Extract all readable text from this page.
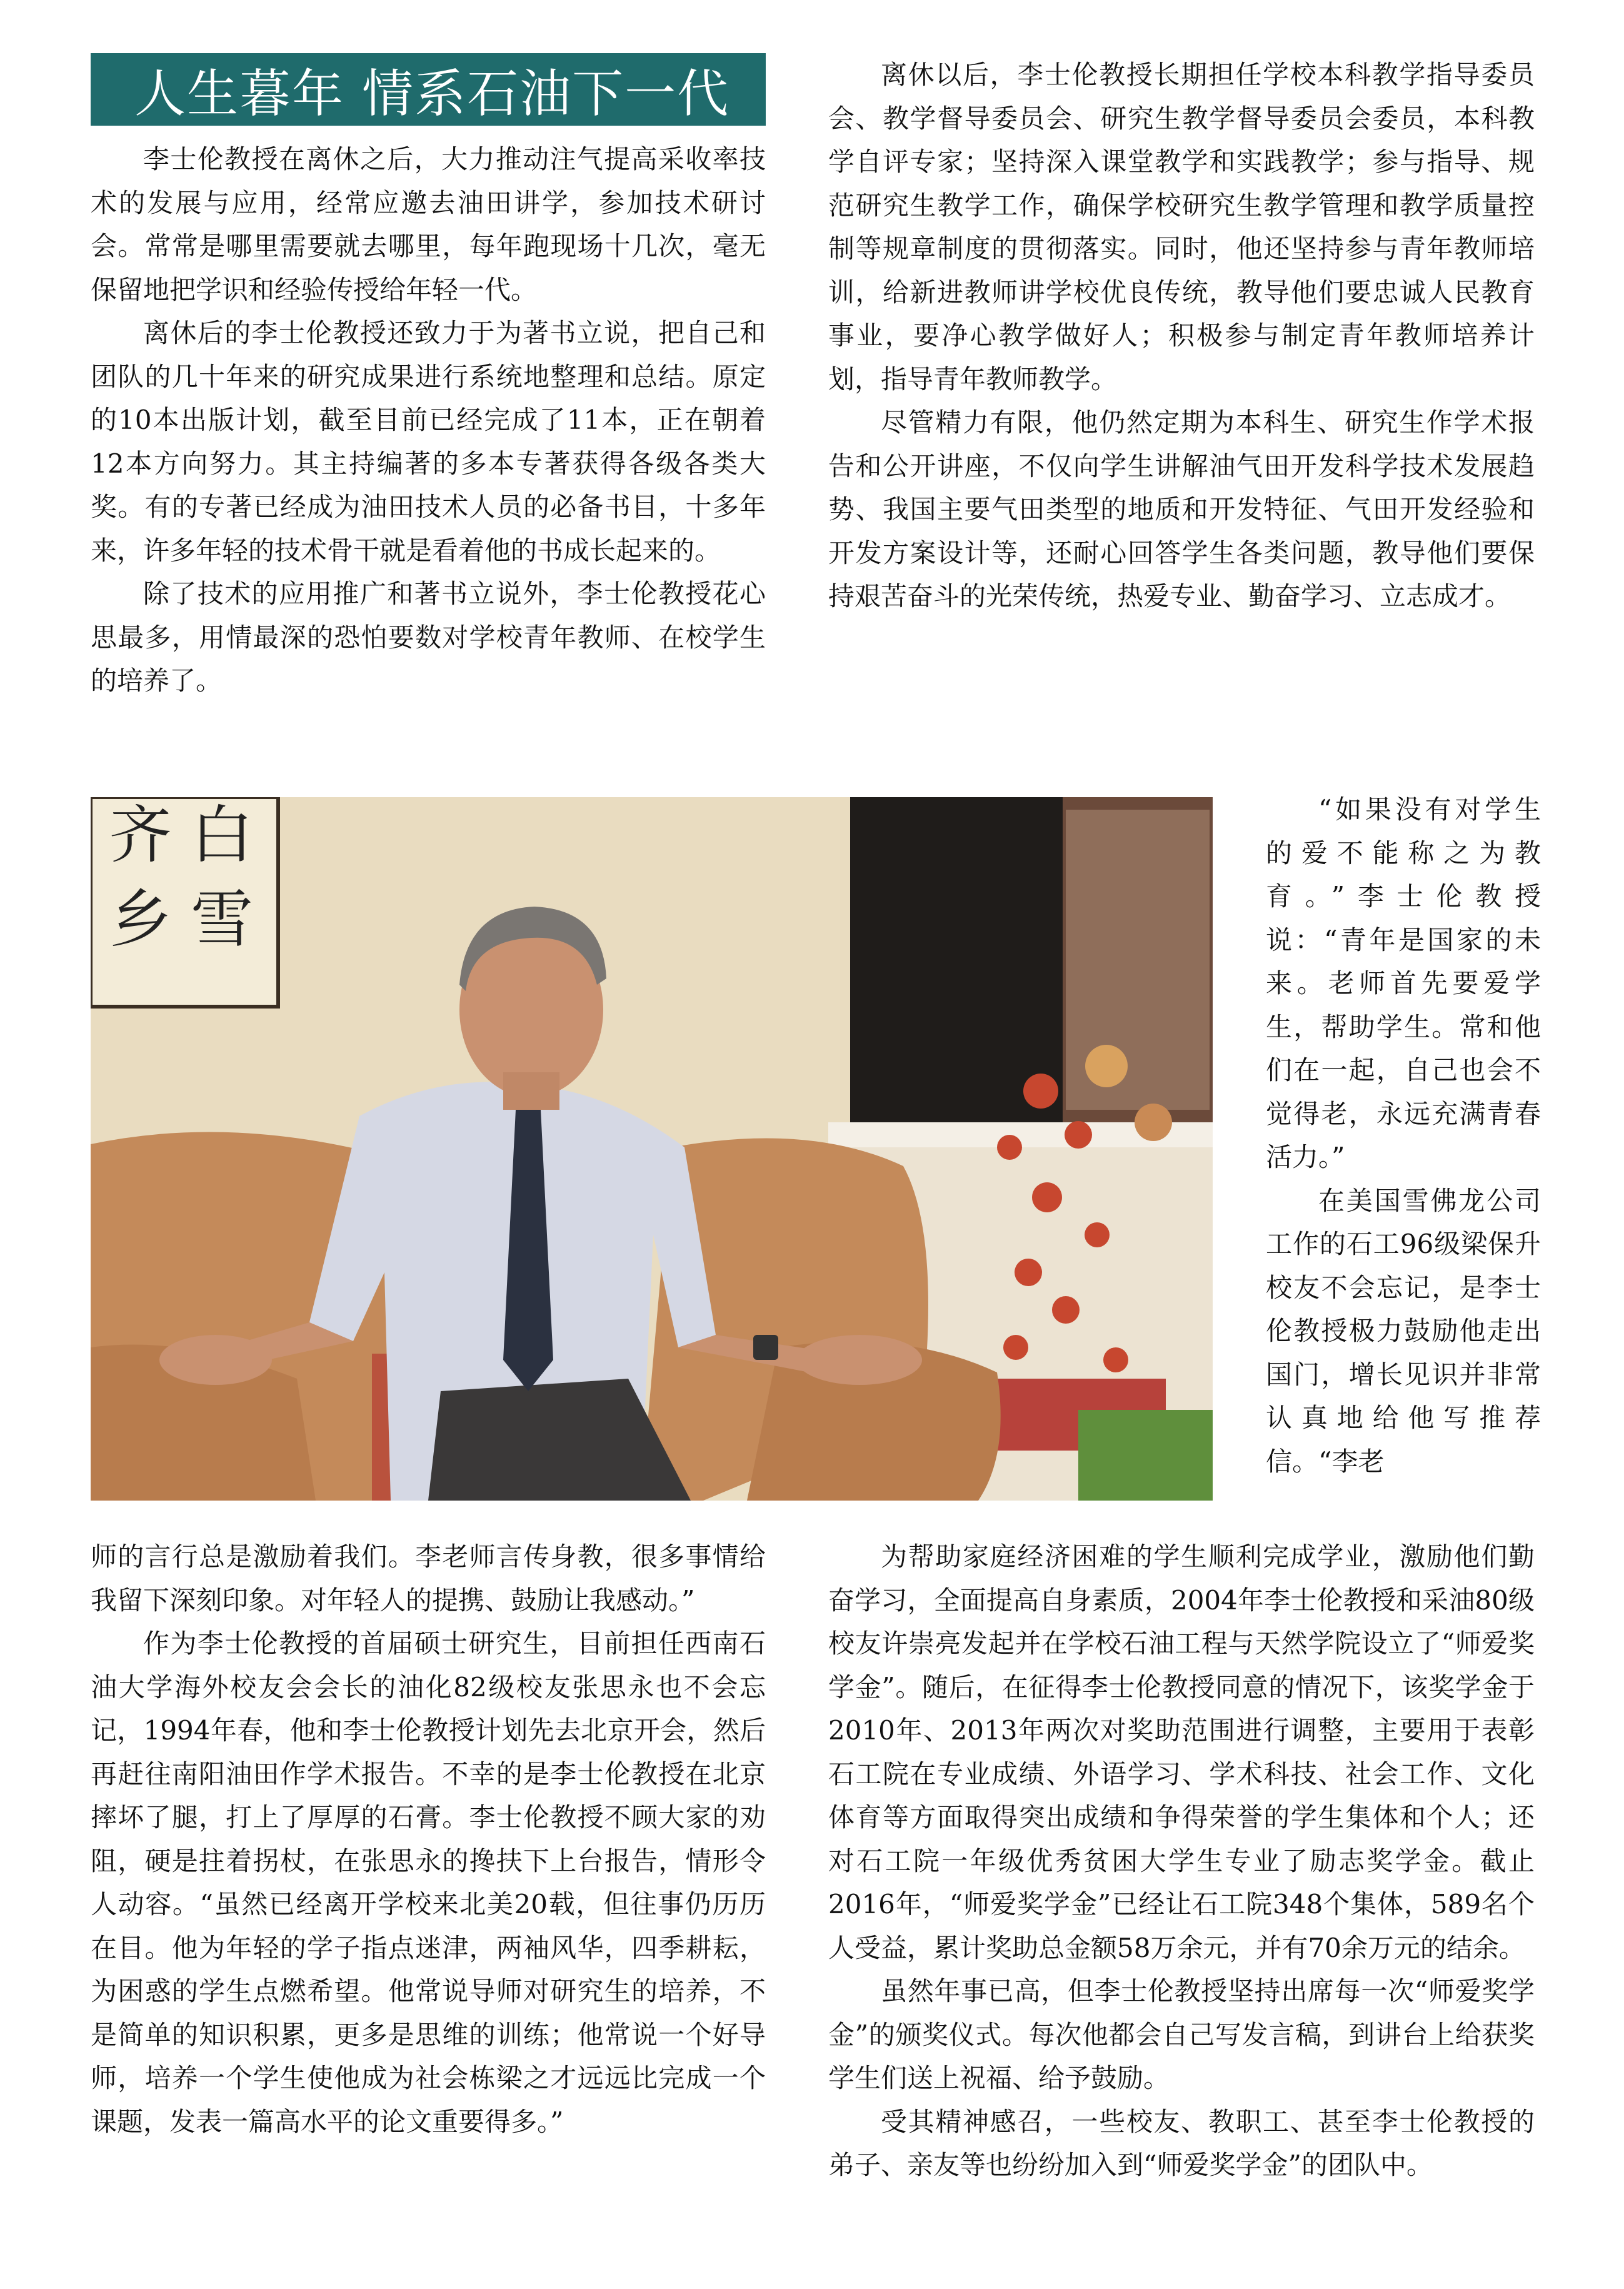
人生暮年 情系石油下一代

李士伦教授在离休之后，大力推动注气提高采收率技术的发展与应用，经常应邀去油田讲学，参加技术研讨会。常常是哪里需要就去哪里，每年跑现场十几次，毫无保留地把学识和经验传授给年轻一代。

离休后的李士伦教授还致力于为著书立说，把自己和团队的几十年来的研究成果进行系统地整理和总结。原定的10本出版计划，截至目前已经完成了11本，正在朝着12本方向努力。其主持编著的多本专著获得各级各类大奖。有的专著已经成为油田技术人员的必备书目，十多年来，许多年轻的技术骨干就是看着他的书成长起来的。

除了技术的应用推广和著书立说外，李士伦教授花心思最多，用情最深的恐怕要数对学校青年教师、在校学生的培养了。

离休以后，李士伦教授长期担任学校本科教学指导委员会、教学督导委员会、研究生教学督导委员会委员，本科教学自评专家；坚持深入课堂教学和实践教学；参与指导、规范研究生教学工作，确保学校研究生教学管理和教学质量控制等规章制度的贯彻落实。同时，他还坚持参与青年教师培训，给新进教师讲学校优良传统，教导他们要忠诚人民教育事业，要净心教学做好人；积极参与制定青年教师培养计划，指导青年教师教学。

尽管精力有限，他仍然定期为本科生、研究生作学术报告和公开讲座，不仅向学生讲解油气田开发科学技术发展趋势、我国主要气田类型的地质和开发特征、气田开发经验和开发方案设计等，还耐心回答学生各类问题，教导他们要保持艰苦奋斗的光荣传统，热爱专业、勤奋学习、立志成才。

齐 白
乡 雪

“如果没有对学生的爱不能称之为教育。”李士伦教授说：“青年是国家的未来。老师首先要爱学生，帮助学生。常和他们在一起，自己也会不觉得老，永远充满青春活力。”

在美国雪佛龙公司工作的石工96级梁保升校友不会忘记，是李士伦教授极力鼓励他走出国门，增长见识并非常认真地给他写推荐信。“李老

师的言行总是激励着我们。李老师言传身教，很多事情给我留下深刻印象。对年轻人的提携、鼓励让我感动。”

作为李士伦教授的首届硕士研究生，目前担任西南石油大学海外校友会会长的油化82级校友张思永也不会忘记，1994年春，他和李士伦教授计划先去北京开会，然后再赶往南阳油田作学术报告。不幸的是李士伦教授在北京摔坏了腿，打上了厚厚的石膏。李士伦教授不顾大家的劝阻，硬是拄着拐杖，在张思永的搀扶下上台报告，情形令人动容。“虽然已经离开学校来北美20载，但往事仍历历在目。他为年轻的学子指点迷津，两袖风华，四季耕耘，为困惑的学生点燃希望。他常说导师对研究生的培养，不是简单的知识积累，更多是思维的训练；他常说一个好导师，培养一个学生使他成为社会栋梁之才远远比完成一个课题，发表一篇高水平的论文重要得多。”

为帮助家庭经济困难的学生顺利完成学业，激励他们勤奋学习，全面提高自身素质，2004年李士伦教授和采油80级校友许崇亮发起并在学校石油工程与天然学院设立了“师爱奖学金”。随后，在征得李士伦教授同意的情况下，该奖学金于2010年、2013年两次对奖助范围进行调整，主要用于表彰石工院在专业成绩、外语学习、学术科技、社会工作、文化体育等方面取得突出成绩和争得荣誉的学生集体和个人；还对石工院一年级优秀贫困大学生专业了励志奖学金。截止2016年，“师爱奖学金”已经让石工院348个集体，589名个人受益，累计奖助总金额58万余元，并有70余万元的结余。

虽然年事已高，但李士伦教授坚持出席每一次“师爱奖学金”的颁奖仪式。每次他都会自己写发言稿，到讲台上给获奖学生们送上祝福、给予鼓励。

受其精神感召，一些校友、教职工、甚至李士伦教授的弟子、亲友等也纷纷加入到“师爱奖学金”的团队中。
